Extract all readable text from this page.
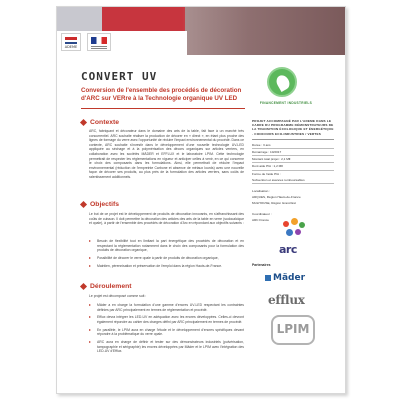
ADEME
CONVERT UV
Conversion de l'ensemble des procédés de décoration d'ARC sur VERre à la Technologie organique UV LED
FINANCEMENT INDUSTRIELS
Contexte
ARC, fabriquant et décorateur dans le domaine des arts de la table, fait face à un marché très concurrentiel. ARC souhaite réaliser la production de décorer en « direct », en étant plus proche des lignes de formage du verre avec l'opportunité de réduire l'impact environnemental du procédé. Dans ce contexte, ARC souhaite s'investir dans le développement d'une nouvelle technologie UV-LED appliquée au séchage et à la polymérisation des décors organiques sur articles verriers, en collaboration avec les sociétés MÄDER et EFFLUX et le laboratoire LPIM. Cette technologie permettrait de respecter les réglementations en vigueur et anticiper celles à venir, en ce qui concerne le choix des composants dans les formulations. Ainsi, elle permettrait de réduire l'impact environnemental (réduction de l'empreinte Carbone et absence de métaux lourds) avec une nouvelle façon de décorer ses produits, au plus près de la formulation des articles verriers, sans coûts de ralentissement additionnels.
Objectifs
Le but de ce projet est le développement de produits de décoration innovants, en s'affranchissant des coûts de cuisson. Il doit permettre la décoration des articles des arts de la table en verre (sodocalcique et opale), à partir de l'ensemble des procédés de décoration d'Arc en répondant aux objectifs suivants :
▸ Besoin de flexibilité tout en limitant la part énergétique des procédés de décoration et en respectant la réglementation notamment dans le choix des composants pour la formulation des produits de décoration organique,
▸ Possibilité de décorer le verre opale à partir de produits de décoration organique,
▸ Maintien, pérennisation et préservation de l'emploi dans la région Hauts-de-France.
Déroulement
Le projet est décomposé comme suit :
▸ Mäder a en charge la formulation d'une gamme d'encres UV-LED respectant les contraintes définies par ARC principalement en termes de réglementation et procédé.
▸ Efflux devra intégrer les LED-UV en adéquation avec les encres développées. Celles-ci devront également répondre au cahier des charges défini par ARC principalement en termes de procédé.
▸ En parallèle, le LPIM aura en charge l'étude et le développement d'encres spécifiques devant répondre à la problématique du verre opale.
▸ ARC aura en charge de définir et tester sur des démonstrateurs industriels (pulvérisation, tampographie et sérigraphie) les encres développées par Mäder et le LPIM avec l'intégration des LED-UV d'Efflux.
PROJET ACCOMPAGNÉ PAR L'ADEME DANS LE CADRE DU PROGRAMME DÉMONSTRATEURS DE LA TRANSITION ÉCOLOGIQUE ET ÉNERGÉTIQUE - CONCOURS ECO-INDUSTRIES / VERTES
Durée : 3 ans
Démarrage : 10/2017
Montant total projet : 2,1 M€
Dont aide PIA : 1,2 M€
Forme de l'aide PIA :
Subvention et avances remboursables
Localisation :
ARQUES, Région Hauts-de-France
MULHOUSE, Région Grand Est
Coordinateur :
ARC France
arc
Partenaires
Mäder
efflux
LPIM
